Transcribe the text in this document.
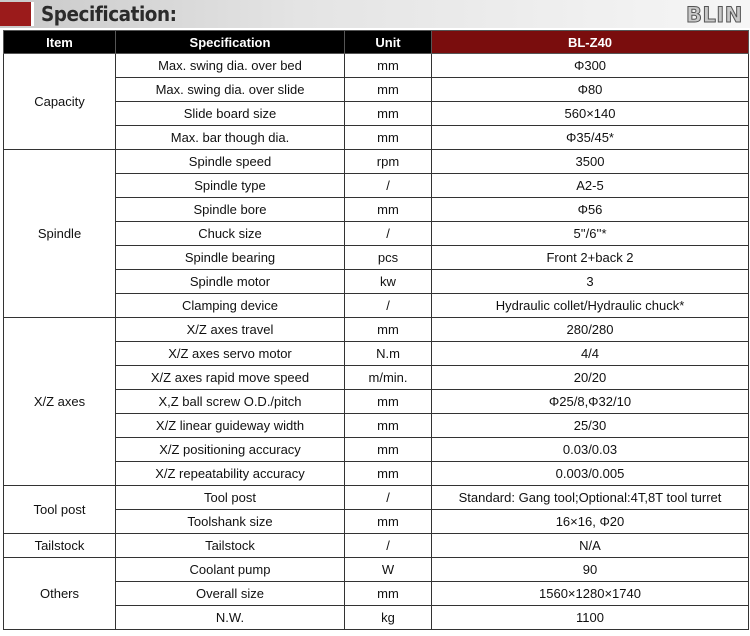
Specification:	BLIN
Item	Specification	Unit	BL-Z40
Capacity	Max. swing dia. over bed	mm	Φ300
	Max. swing dia. over slide	mm	Φ80
	Slide board size	mm	560×140
	Max. bar though dia.	mm	Φ35/45*
Spindle	Spindle speed	rpm	3500
	Spindle type	/	A2-5
	Spindle bore	mm	Φ56
	Chuck size	/	5''/6''*
	Spindle bearing	pcs	Front 2+back 2
	Spindle motor	kw	3
	Clamping device	/	Hydraulic collet/Hydraulic chuck*
X/Z axes	X/Z axes travel	mm	280/280
	X/Z axes servo motor	N.m	4/4
	X/Z axes rapid move speed	m/min.	20/20
	X,Z ball screw O.D./pitch	mm	Φ25/8,Φ32/10
	X/Z linear guideway width	mm	25/30
	X/Z positioning accuracy	mm	0.03/0.03
	X/Z repeatability accuracy	mm	0.003/0.005
Tool post	Tool post	/	Standard: Gang tool;Optional:4T,8T tool turret
	Toolshank size	mm	16×16, Φ20
Tailstock	Tailstock	/	N/A
Others	Coolant pump	W	90
	Overall size	mm	1560×1280×1740
	N.W.	kg	1100
